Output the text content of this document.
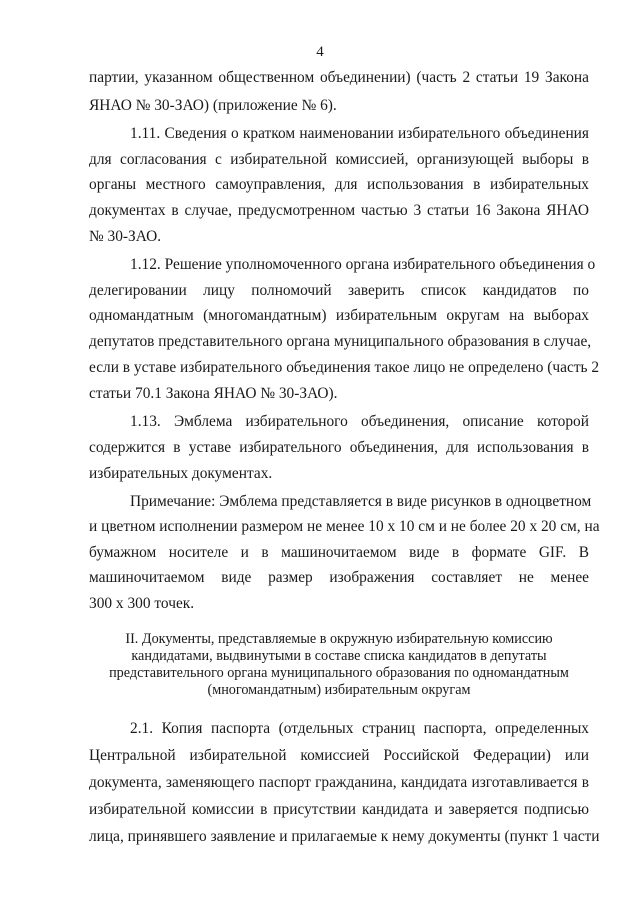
4
партии, указанном общественном объединении) (часть 2 статьи 19 Закона
ЯНАО № 30-ЗАО) (приложение № 6).
1.11. Сведения о кратком наименовании избирательного объединения
для согласования с избирательной комиссией, организующей выборы в
органы местного самоуправления, для использования в избирательных
документах в случае, предусмотренном частью 3 статьи 16 Закона ЯНАО
№ 30-ЗАО.
1.12. Решение уполномоченного органа избирательного объединения о
делегировании лицу полномочий заверить список кандидатов по
одномандатным (многомандатным) избирательным округам на выборах
депутатов представительного органа муниципального образования в случае,
если в уставе избирательного объединения такое лицо не определено (часть 2
статьи 70.1 Закона ЯНАО № 30-ЗАО).
1.13. Эмблема избирательного объединения, описание которой
содержится в уставе избирательного объединения, для использования в
избирательных документах.
Примечание: Эмблема представляется в виде рисунков в одноцветном
и цветном исполнении размером не менее 10 х 10 см и не более 20 х 20 см, на
бумажном носителе и в машиночитаемом виде в формате GIF. В
машиночитаемом виде размер изображения составляет не менее
300 х 300 точек.
II. Документы, представляемые в окружную избирательную комиссию
кандидатами, выдвинутыми в составе списка кандидатов в депутаты
представительного органа муниципального образования по одномандатным
(многомандатным) избирательным округам
2.1. Копия паспорта (отдельных страниц паспорта, определенных
Центральной избирательной комиссией Российской Федерации) или
документа, заменяющего паспорт гражданина, кандидата изготавливается в
избирательной комиссии в присутствии кандидата и заверяется подписью
лица, принявшего заявление и прилагаемые к нему документы (пункт 1 части
